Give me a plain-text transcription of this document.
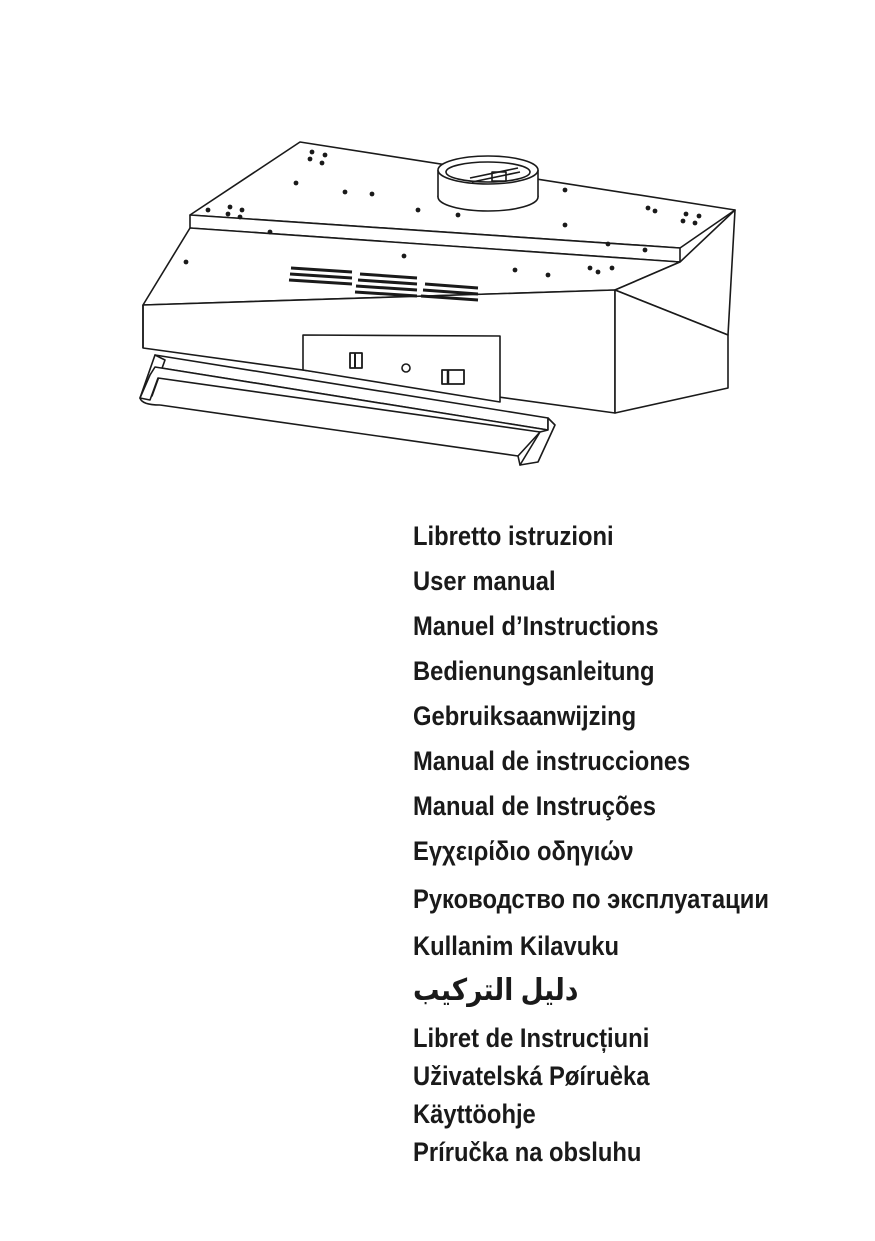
Libretto istruzioni
User manual
Manuel d’Instructions
Bedienungsanleitung
Gebruiksaanwijzing
Manual de instrucciones
Manual de Instruções
Εγχειρίδιο οδηγιών
Руководство по эксплуатации
Kullanim Kilavuku
دليل التركيب
Libret de Instrucțiuni
Uživatelská Pøíruèka
Käyttöohje
Príručka na obsluhu
